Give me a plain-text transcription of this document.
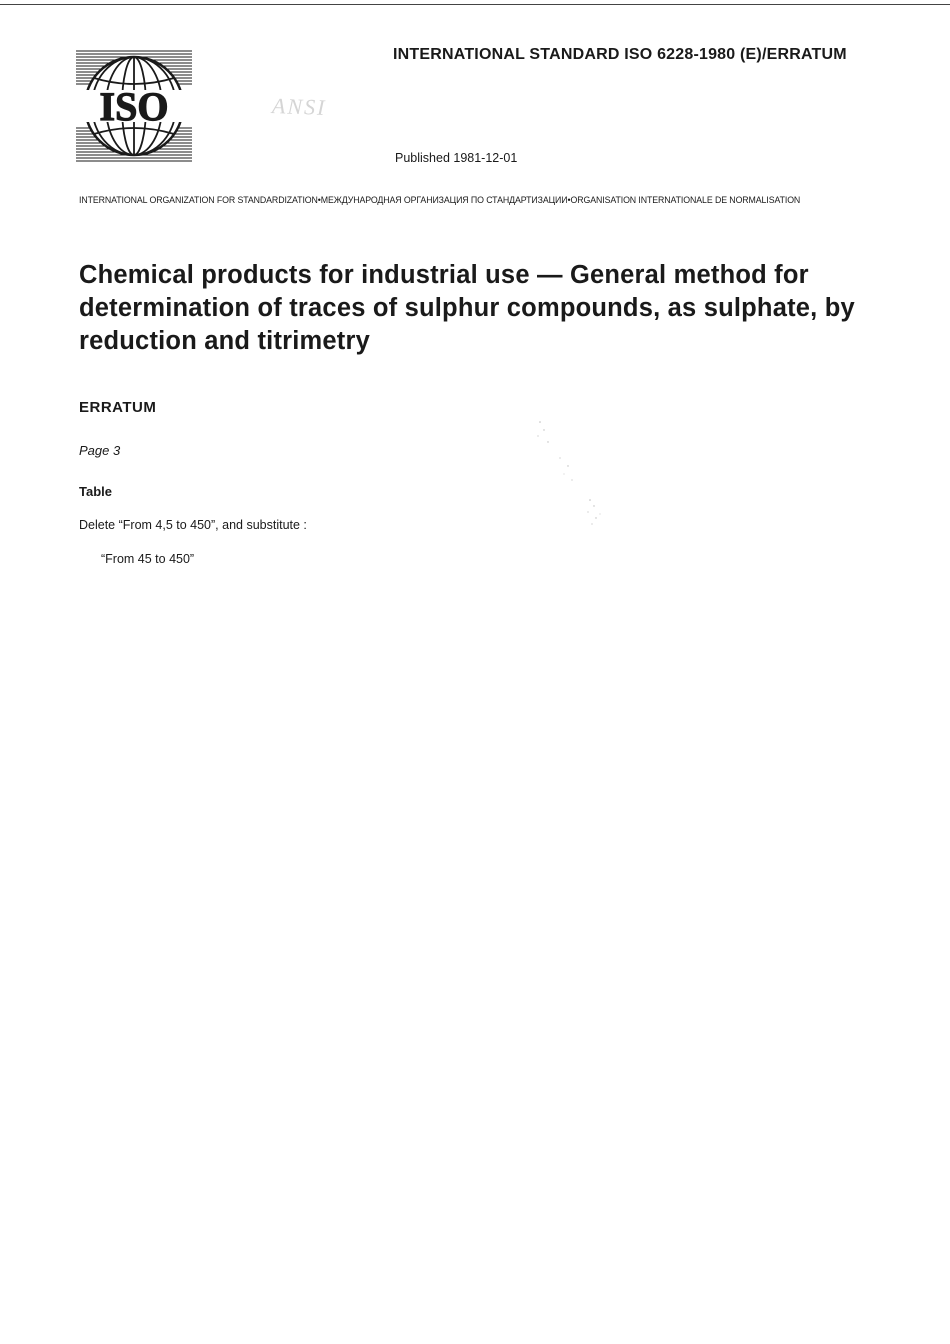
ISO
INTERNATIONAL STANDARD ISO 6228-1980 (E)/ERRATUM
ANSI
Published 1981-12-01
INTERNATIONAL ORGANIZATION FOR STANDARDIZATION•МЕЖДУНАРОДНАЯ ОРГАНИЗАЦИЯ ПО СТАНДАРТИЗАЦИИ•ORGANISATION INTERNATIONALE DE NORMALISATION
Chemical products for industrial use — General method for determination of traces of sulphur compounds, as sulphate, by reduction and titrimetry
ERRATUM
Page 3
Table
Delete “From 4,5 to 450”, and substitute :
“From 45 to 450”
